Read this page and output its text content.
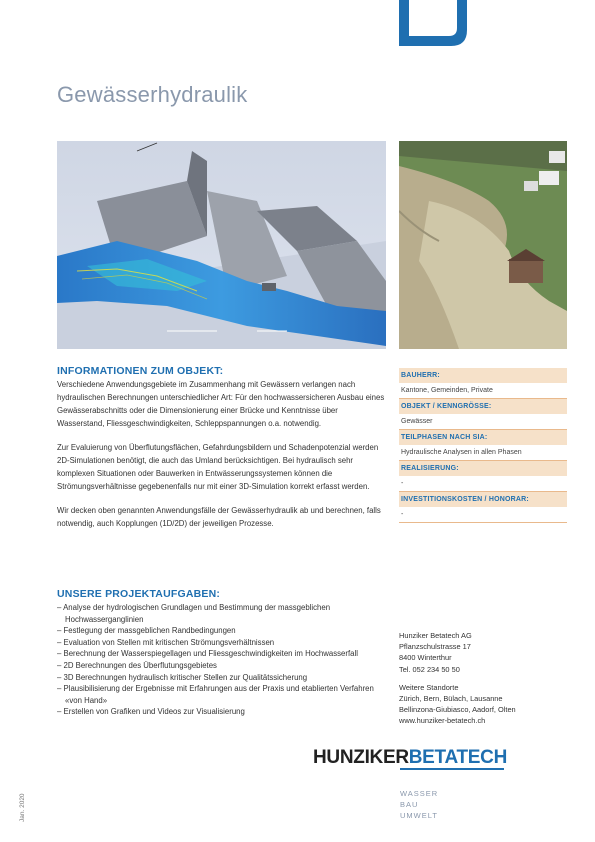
Gewässerhydraulik
INFORMATIONEN ZUM OBJEKT:

Verschiedene Anwendungsgebiete im Zusammenhang mit Gewässern verlangen nach hydraulischen Berechnungen unterschiedlicher Art: Für den hochwassersicheren Ausbau eines Gewässerabschnitts oder die Dimensionierung einer Brücke und Kenntnisse über Wasserstand, Fliessgeschwindigkeiten, Schleppspannungen o.a. notwendig.

Zur Evaluierung von Überflutungsflächen, Gefahrdungsbildern und Schadenpotenzial werden 2D-Simulationen benötigt, die auch das Umland berücksichtigen. Bei hydraulisch sehr komplexen Situationen oder Bauwerken in Entwässerungssystemen können die Strömungsverhältnisse gegebenenfalls nur mit einer 3D-Simulation korrekt erfasst werden.

Wir decken oben genannten Anwendungsfälle der Gewässerhydraulik ab und berechnen, falls notwendig, auch Kopplungen (1D/2D) der jeweiligen Prozesse.

BAUHERR:
Kantone, Gemeinden, Private
OBJEKT / KENNGRÖSSE:
Gewässer
TEILPHASEN NACH SIA:
Hydraulische Analysen in allen Phasen
REALISIERUNG:
-
INVESTITIONSKOSTEN / HONORAR:
-
UNSERE PROJEKTAUFGABEN:
– Analyse der hydrologischen Grundlagen und Bestimmung der massgeblichen Hochwasserganglinien
– Festlegung der massgeblichen Randbedingungen
– Evaluation von Stellen mit kritischen Strömungsverhältnissen
– Berechnung der Wasserspiegellagen und Fliessgeschwindigkeiten im Hochwasserfall
– 2D Berechnungen des Überflutungsgebietes
– 3D Berechnungen hydraulisch kritischer Stellen zur Qualitätssicherung
– Plausibilisierung der Ergebnisse mit Erfahrungen aus der Praxis und etablierten Verfahren «von Hand»
– Erstellen von Grafiken und Videos zur Visualisierung
Hunziker Betatech AG
Pflanzschulstrasse 17
8400 Winterthur
Tel. 052 234 50 50
Weitere Standorte
Zürich, Bern, Bülach, Lausanne
Bellinzona-Giubiasco, Aadorf, Olten
www.hunziker-betatech.ch
HUNZIKERBETATECH
WASSER
BAU
UMWELT
Jan. 2020
